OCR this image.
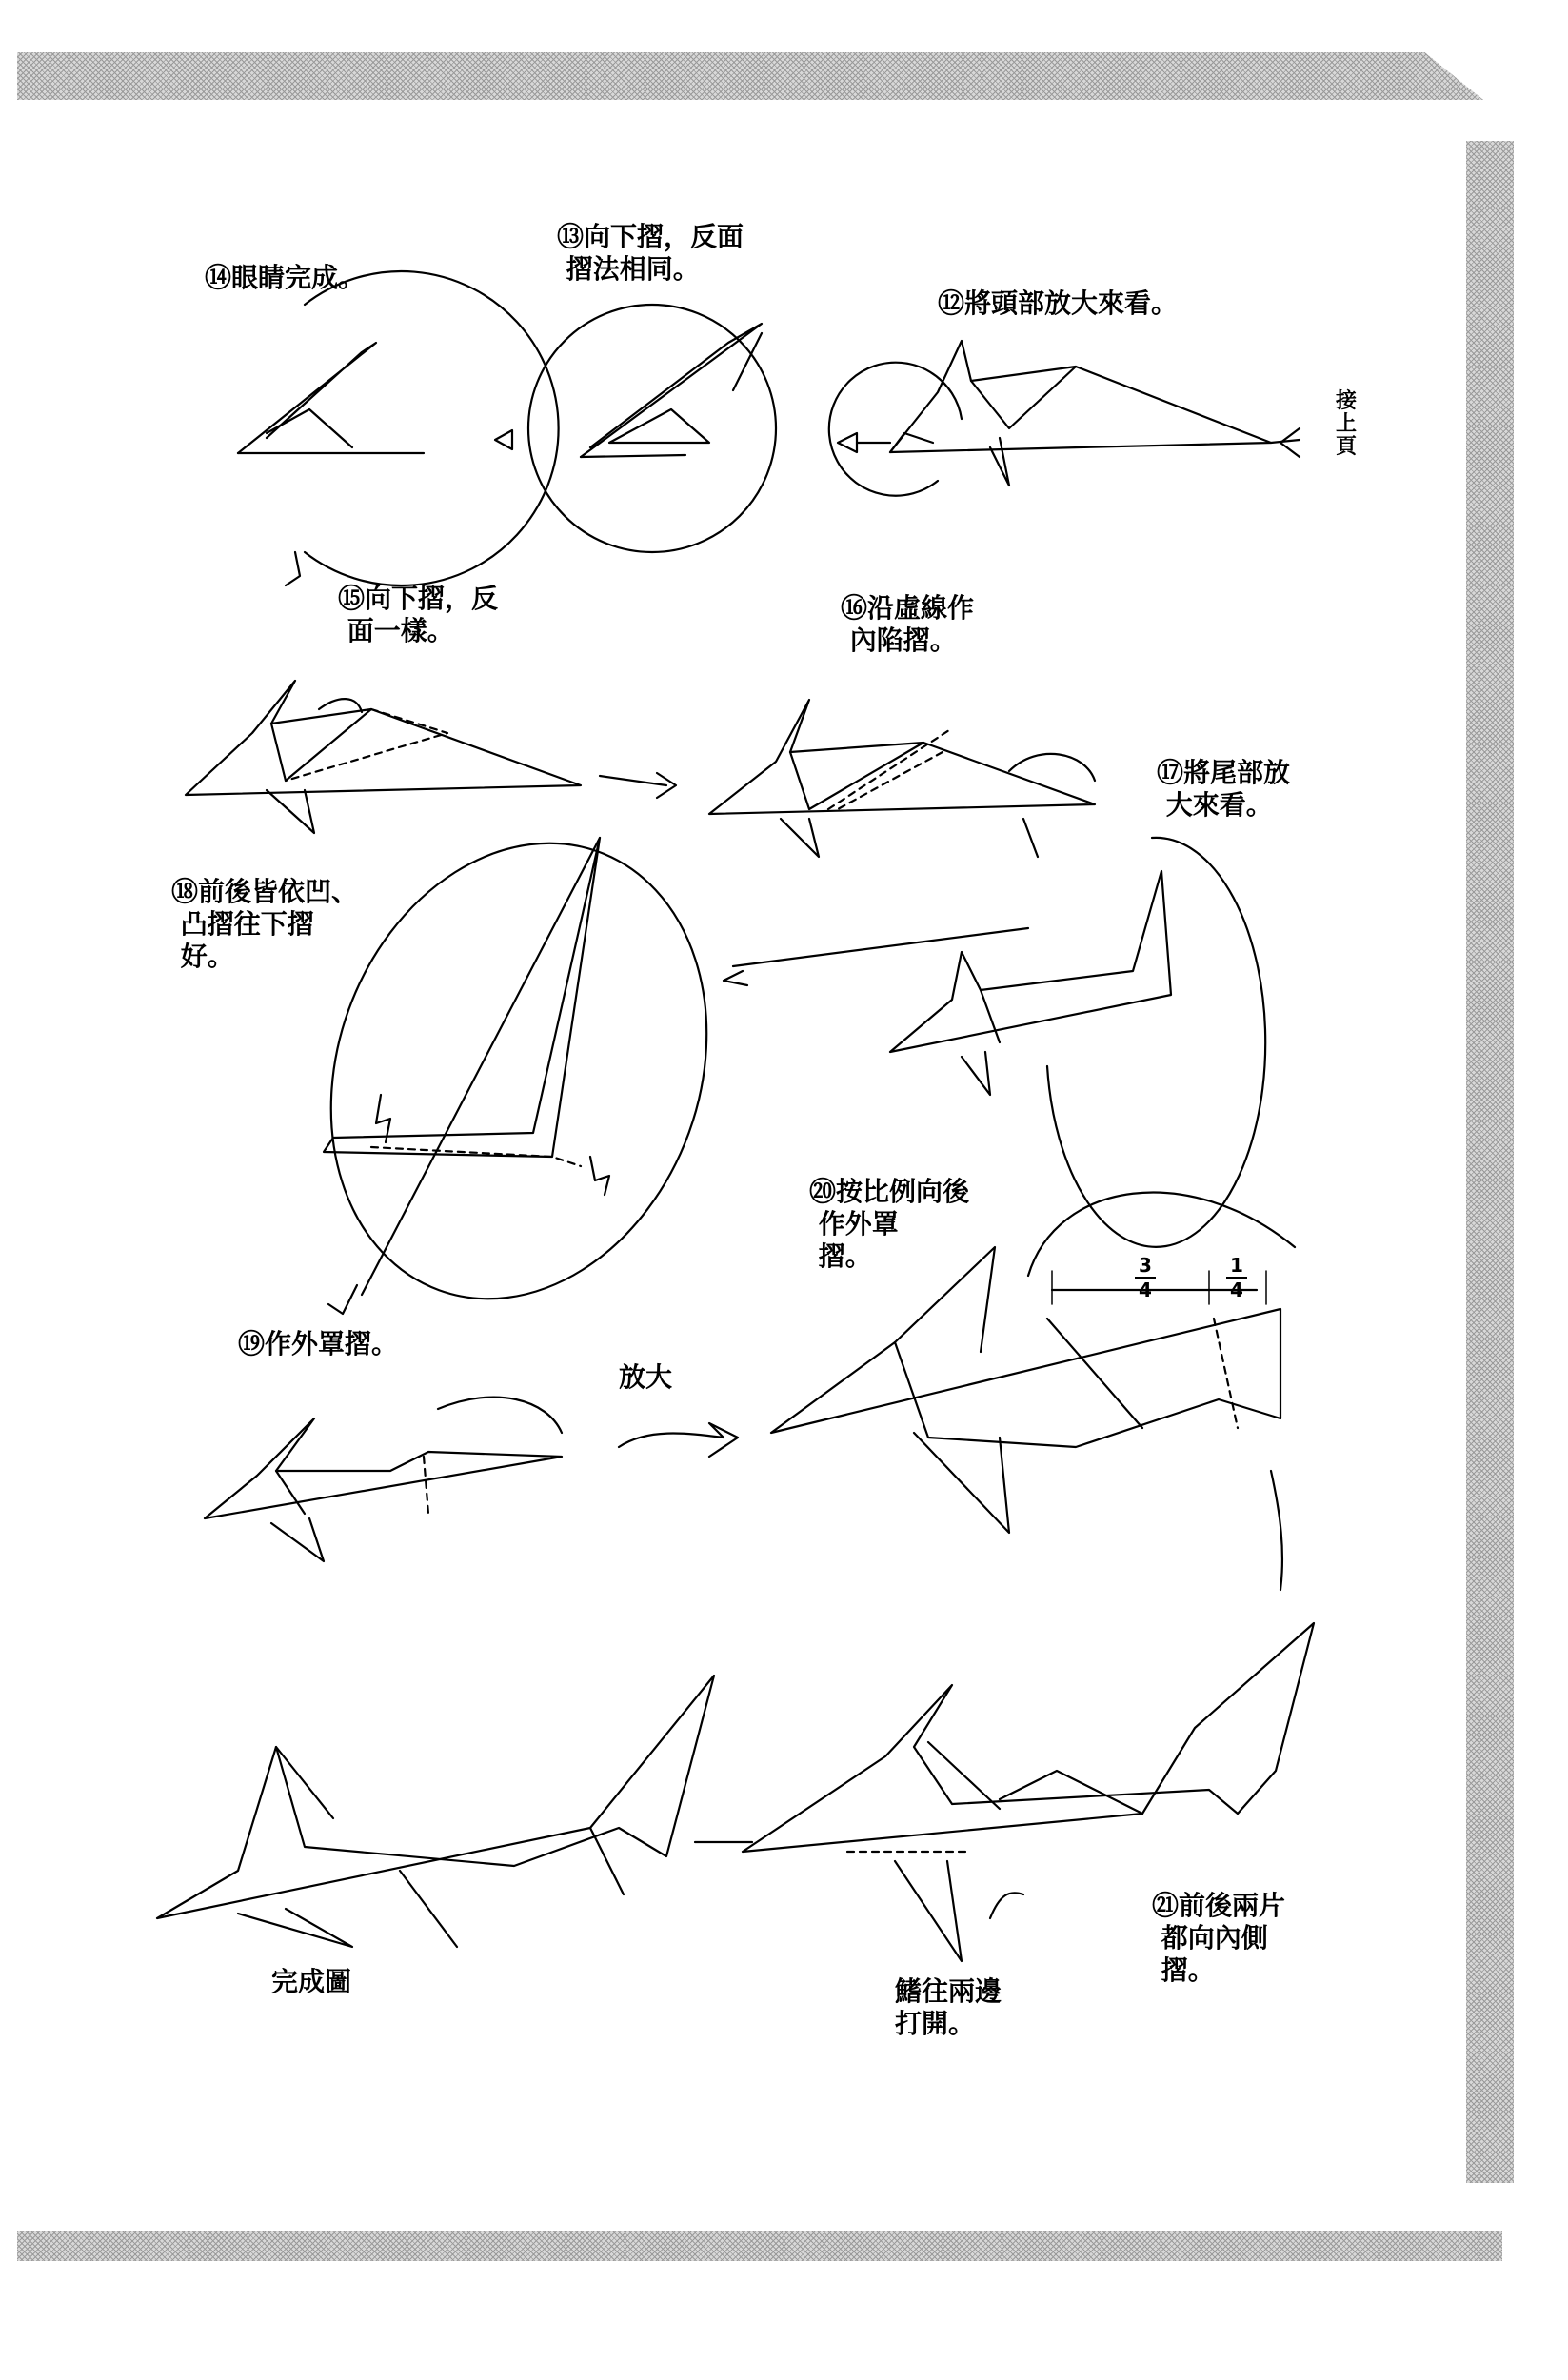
⑬向下摺，反面
摺法相同。
⑭眼睛完成。
⑫將頭部放大來看。
接上頁
⑮向下摺，反
面一樣。
⑯沿虛線作
內陷摺。
⑰將尾部放
大來看。
⑱前後皆依凹、
凸摺往下摺
好。
⑳按比例向後
作外罩
摺。
⑲作外罩摺。
放大
㉑前後兩片
都向內側
摺。
鰭往兩邊
打開。
完成圖
3
4
1
4
